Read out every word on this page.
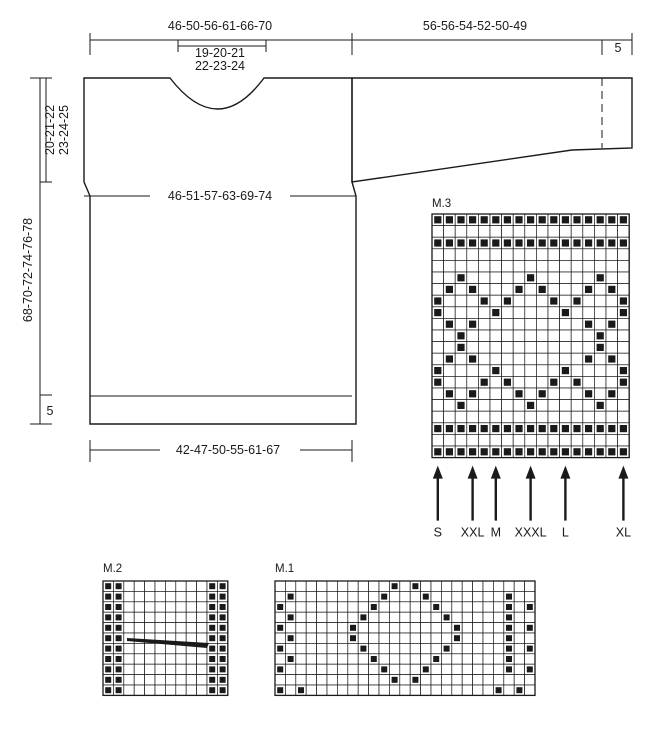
46-50-56-61-66-70	56-56-54-52-50-49
5
19-20-21
22-23-24
20-21-22 23-24-25
68-70-72-74-76-78
5
46-51-57-63-69-74
42-47-50-55-61-67
M.3
M.2	M.1
S XXL M XXXL L	XL
